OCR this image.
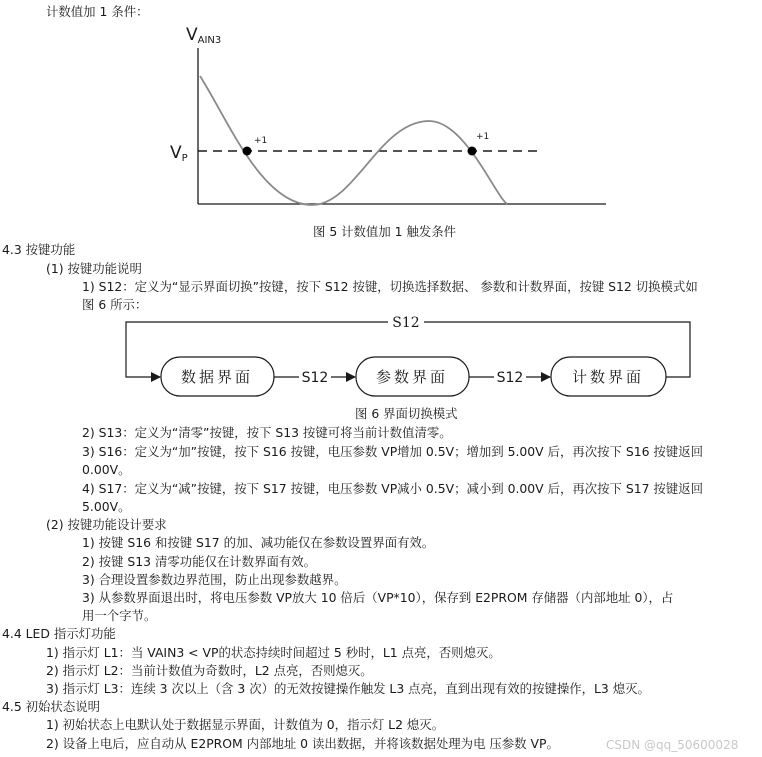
计数值加 1 条件：
VAIN3
VP
+1	+1
图 5 计数值加 1 触发条件
4.3 按键功能
(1) 按键功能说明
1) S12：定义为“显示界面切换”按键，按下 S12 按键，切换选择数据、 参数和计数界面，按键 S12 切换模式如
图 6 所示：
S12
数据界面	S12	参数界面	S12	计数界面
图 6 界面切换模式
2) S13：定义为“清零”按键，按下 S13 按键可将当前计数值清零。
3) S16：定义为“加”按键，按下 S16 按键，电压参数 VP增加 0.5V；增加到 5.00V 后，再次按下 S16 按键返回
0.00V。
4) S17：定义为“减”按键，按下 S17 按键，电压参数 VP减小 0.5V；减小到 0.00V 后，再次按下 S17 按键返回
5.00V。
(2) 按键功能设计要求
1) 按键 S16 和按键 S17 的加、减功能仅在参数设置界面有效。
2) 按键 S13 清零功能仅在计数界面有效。
3) 合理设置参数边界范围，防止出现参数越界。
3) 从参数界面退出时，将电压参数 VP放大 10 倍后（VP*10），保存到 E2PROM 存储器（内部地址 0），占
用一个字节。
4.4 LED 指示灯功能
1) 指示灯 L1：当 VAIN3 < VP的状态持续时间超过 5 秒时，L1 点亮，否则熄灭。
2) 指示灯 L2：当前计数值为奇数时，L2 点亮，否则熄灭。
3) 指示灯 L3：连续 3 次以上（含 3 次）的无效按键操作触发 L3 点亮，直到出现有效的按键操作，L3 熄灭。
4.5 初始状态说明
1) 初始状态上电默认处于数据显示界面，计数值为 0，指示灯 L2 熄灭。
2) 设备上电后，应自动从 E2PROM 内部地址 0 读出数据，并将该数据处理为电 压参数 VP。	CSDN @qq_50600028
